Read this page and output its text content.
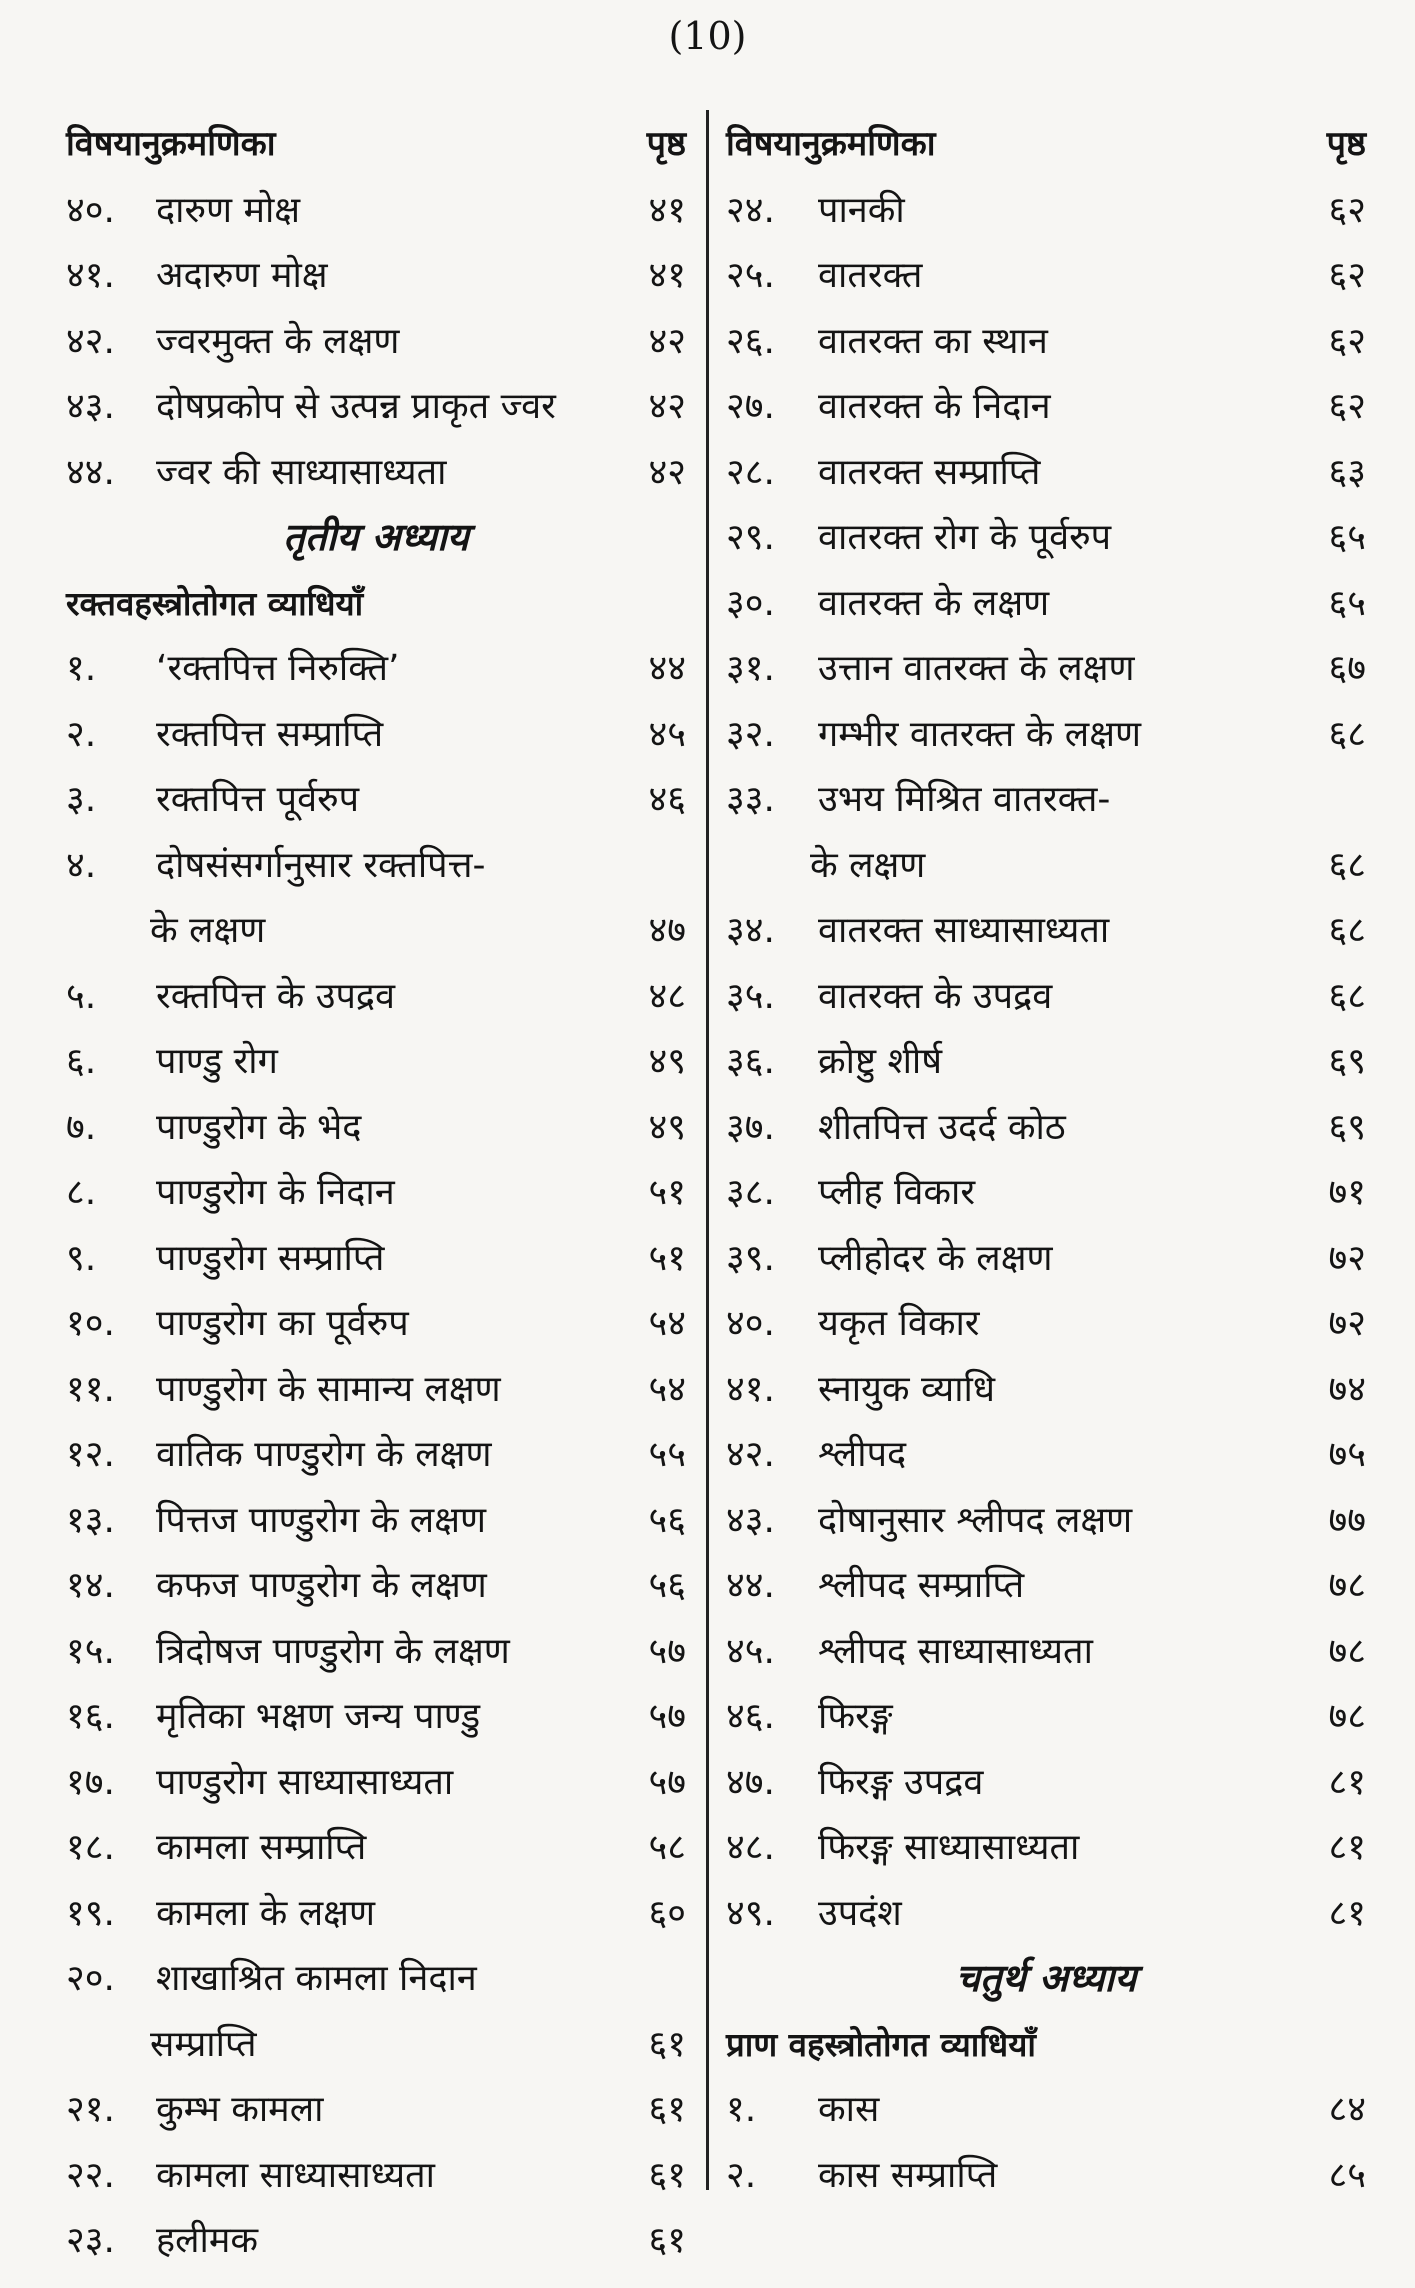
(10)
विषयानुक्रमणिका	पृष्ठ
४०. दारुण मोक्ष	४१
४१. अदारुण मोक्ष	४१
४२. ज्वरमुक्त के लक्षण	४२
४३. दोषप्रकोप से उत्पन्न प्राकृत ज्वर	४२
४४. ज्वर की साध्यासाध्यता	४२
तृतीय अध्याय
रक्तवहस्त्रोतोगत व्याधियाँ
१. ‘रक्तपित्त निरुक्ति’	४४
२. रक्तपित्त सम्प्राप्ति	४५
३. रक्तपित्त पूर्वरुप	४६
४. दोषसंसर्गानुसार रक्तपित्त-
के लक्षण	४७
५. रक्तपित्त के उपद्रव	४८
६. पाण्डु रोग	४९
७. पाण्डुरोग के भेद	४९
८. पाण्डुरोग के निदान	५१
९. पाण्डुरोग सम्प्राप्ति	५१
१०. पाण्डुरोग का पूर्वरुप	५४
११. पाण्डुरोग के सामान्य लक्षण	५४
१२. वातिक पाण्डुरोग के लक्षण	५५
१३. पित्तज पाण्डुरोग के लक्षण	५६
१४. कफज पाण्डुरोग के लक्षण	५६
१५. त्रिदोषज पाण्डुरोग के लक्षण	५७
१६. मृतिका भक्षण जन्य पाण्डु	५७
१७. पाण्डुरोग साध्यासाध्यता	५७
१८. कामला सम्प्राप्ति	५८
१९. कामला के लक्षण	६०
२०. शाखाश्रित कामला निदान
सम्प्राप्ति	६१
२१. कुम्भ कामला	६१
२२. कामला साध्यासाध्यता	६१
२३. हलीमक	६१
विषयानुक्रमणिका	पृष्ठ
२४. पानकी	६२
२५. वातरक्त	६२
२६. वातरक्त का स्थान	६२
२७. वातरक्त के निदान	६२
२८. वातरक्त सम्प्राप्ति	६३
२९. वातरक्त रोग के पूर्वरुप	६५
३०. वातरक्त के लक्षण	६५
३१. उत्तान वातरक्त के लक्षण	६७
३२. गम्भीर वातरक्त के लक्षण	६८
३३. उभय मिश्रित वातरक्त-
के लक्षण	६८
३४. वातरक्त साध्यासाध्यता	६८
३५. वातरक्त के उपद्रव	६८
३६. क्रोष्टु शीर्ष	६९
३७. शीतपित्त उदर्द कोठ	६९
३८. प्लीह विकार	७१
३९. प्लीहोदर के लक्षण	७२
४०. यकृत विकार	७२
४१. स्नायुक व्याधि	७४
४२. श्लीपद	७५
४३. दोषानुसार श्लीपद लक्षण	७७
४४. श्लीपद सम्प्राप्ति	७८
४५. श्लीपद साध्यासाध्यता	७८
४६. फिरङ्ग	७८
४७. फिरङ्ग उपद्रव	८१
४८. फिरङ्ग साध्यासाध्यता	८१
४९. उपदंश	८१
चतुर्थ अध्याय
प्राण वहस्त्रोतोगत व्याधियाँ
१. कास	८४
२. कास सम्प्राप्ति	८५
